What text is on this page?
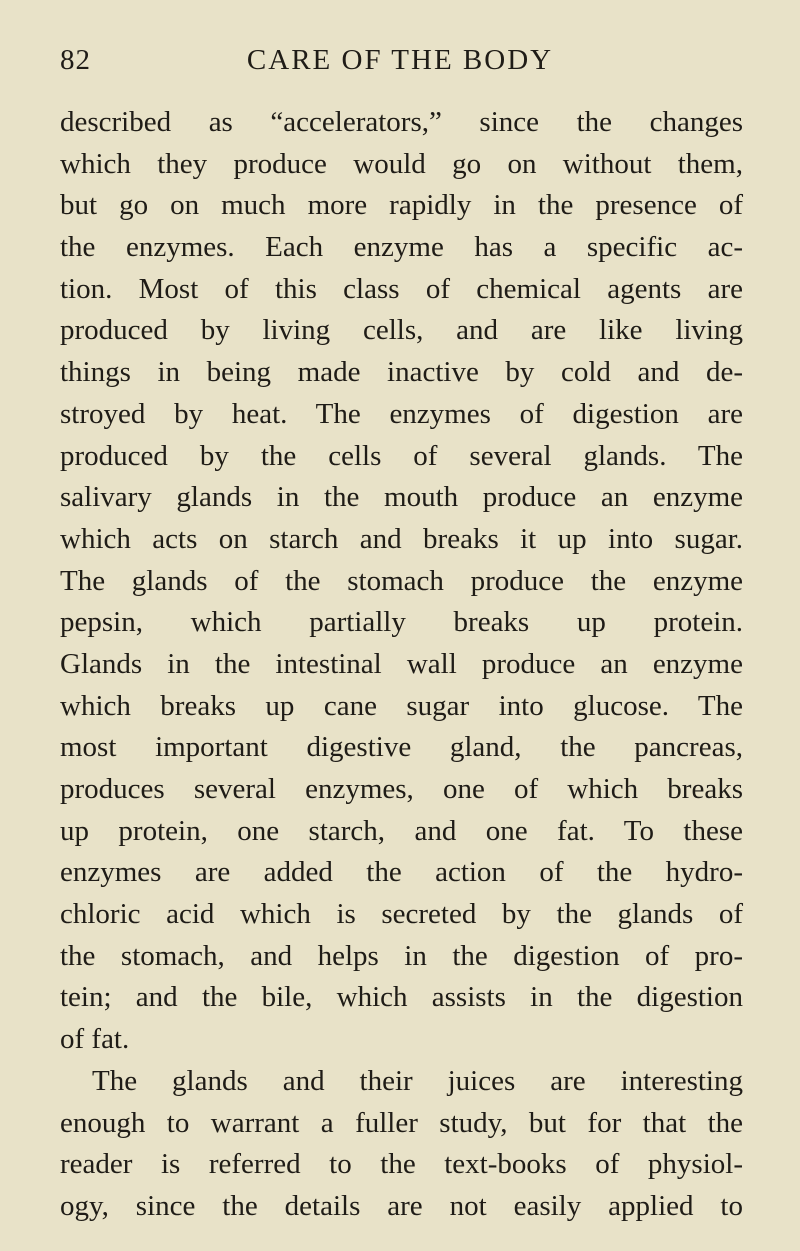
82	CARE OF THE BODY
described as “accelerators,” since the changes
which they produce would go on without them,
but go on much more rapidly in the presence of
the enzymes. Each enzyme has a specific ac-
tion. Most of this class of chemical agents are
produced by living cells, and are like living
things in being made inactive by cold and de-
stroyed by heat. The enzymes of digestion are
produced by the cells of several glands. The
salivary glands in the mouth produce an enzyme
which acts on starch and breaks it up into sugar.
The glands of the stomach produce the enzyme
pepsin, which partially breaks up protein.
Glands in the intestinal wall produce an enzyme
which breaks up cane sugar into glucose. The
most important digestive gland, the pancreas,
produces several enzymes, one of which breaks
up protein, one starch, and one fat. To these
enzymes are added the action of the hydro-
chloric acid which is secreted by the glands of
the stomach, and helps in the digestion of pro-
tein; and the bile, which assists in the digestion
of fat.
The glands and their juices are interesting
enough to warrant a fuller study, but for that the
reader is referred to the text-books of physiol-
ogy, since the details are not easily applied to
